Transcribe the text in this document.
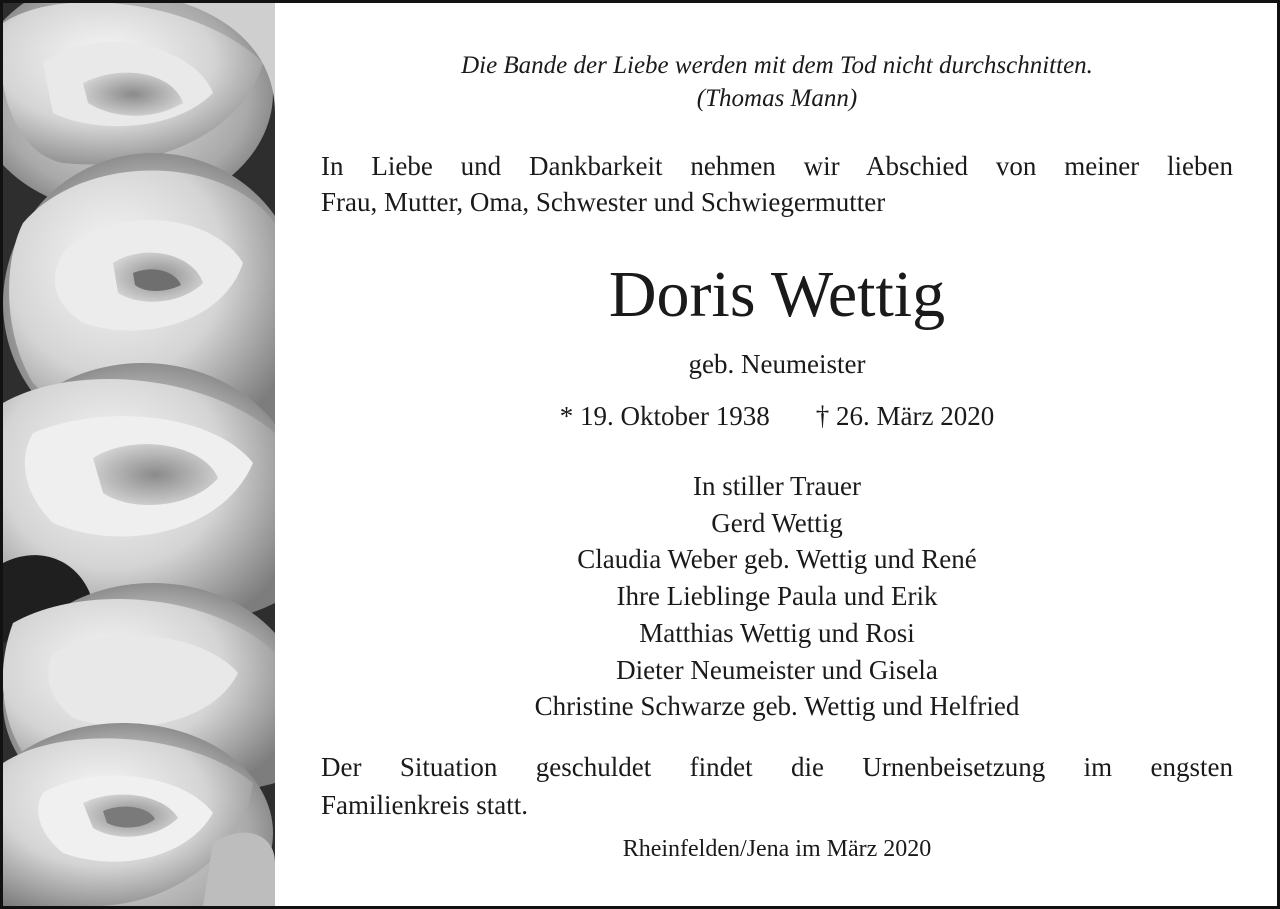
Die Bande der Liebe werden mit dem Tod nicht durchschnitten.
(Thomas Mann)
In Liebe und Dankbarkeit nehmen wir Abschied von meiner lieben
Frau, Mutter, Oma, Schwester und Schwiegermutter
Doris Wettig
geb. Neumeister
* 19. Oktober 1938 † 26. März 2020
In stiller Trauer
Gerd Wettig
Claudia Weber geb. Wettig und René
Ihre Lieblinge Paula und Erik
Matthias Wettig und Rosi
Dieter Neumeister und Gisela
Christine Schwarze geb. Wettig und Helfried
Der Situation geschuldet findet die Urnenbeisetzung im engsten
Familienkreis statt.
Rheinfelden/Jena im März 2020
